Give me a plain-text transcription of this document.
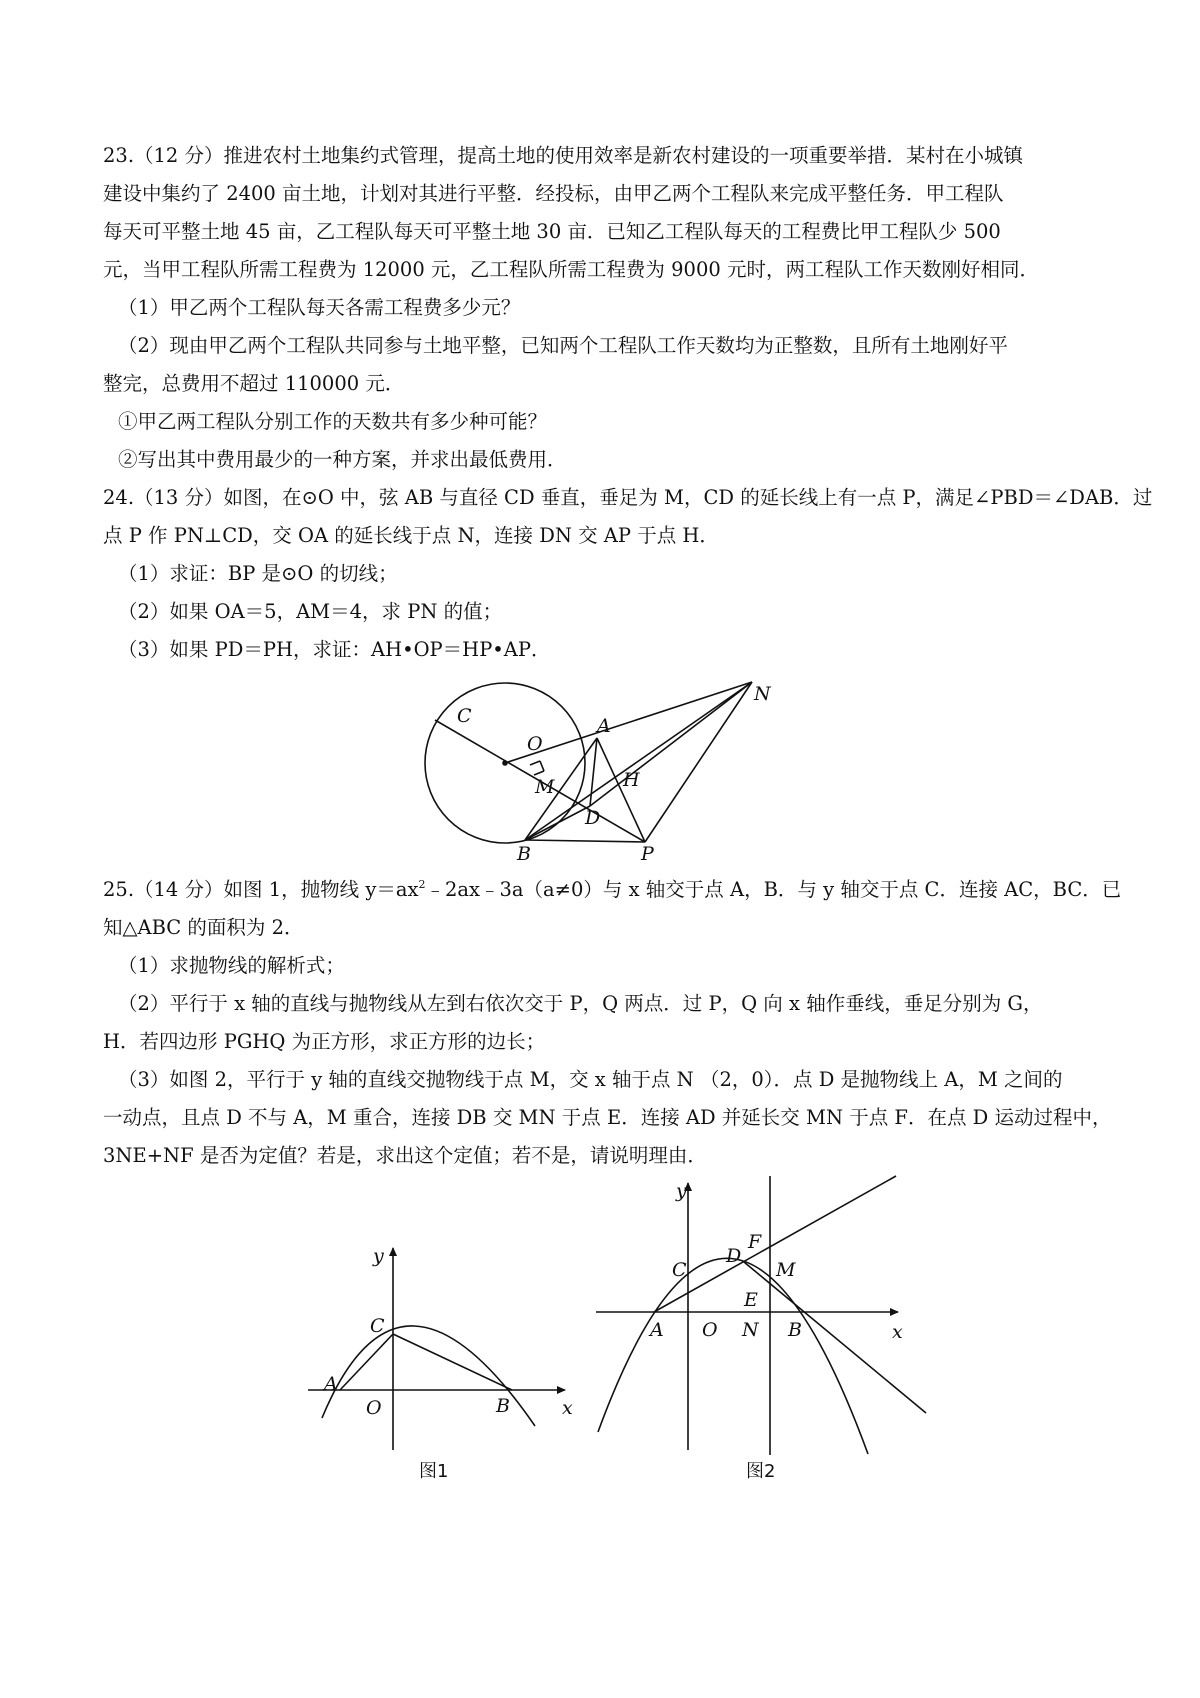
23.（12 分）推进农村土地集约式管理，提高土地的使用效率是新农村建设的一项重要举措．某村在小城镇
建设中集约了 2400 亩土地，计划对其进行平整．经投标，由甲乙两个工程队来完成平整任务．甲工程队
每天可平整土地 45 亩，乙工程队每天可平整土地 30 亩．已知乙工程队每天的工程费比甲工程队少 500
元，当甲工程队所需工程费为 12000 元，乙工程队所需工程费为 9000 元时，两工程队工作天数刚好相同．
（1）甲乙两个工程队每天各需工程费多少元？
（2）现由甲乙两个工程队共同参与土地平整，已知两个工程队工作天数均为正整数，且所有土地刚好平
整完，总费用不超过 110000 元．
①甲乙两工程队分别工作的天数共有多少种可能？
②写出其中费用最少的一种方案，并求出最低费用．
24.（13 分）如图，在⊙O 中，弦 AB 与直径 CD 垂直，垂足为 M，CD 的延长线上有一点 P，满足∠PBD＝∠DAB．过
点 P 作 PN⊥CD，交 OA 的延长线于点 N，连接 DN 交 AP 于点 H．
（1）求证：BP 是⊙O 的切线；
（2）如果 OA＝5，AM＝4，求 PN 的值；
（3）如果 PD＝PH，求证：AH•OP＝HP•AP．
N
C	A
O
M	H
D
B	P
25.（14 分）如图 1，抛物线 $y=ax^2﹣2ax﹣3a(a\ne 0)$与 x 轴交于点 A，B．与 y 轴交于点 C．连接 AC，BC．已
知△ABC 的面积为 2．
（1）求抛物线的解析式；
（2）平行于 x 轴的直线与抛物线从左到右依次交于 P，Q 两点．过 P，Q 向 x 轴作垂线，垂足分别为 G，
H．若四边形 PGHQ 为正方形，求正方形的边长；
（3）如图 2，平行于 y 轴的直线交抛物线于点 M，交 x 轴于点 N （2，0）．点 D 是抛物线上 A，M 之间的
一动点，且点 D 不与 A，M 重合，连接 DB 交 MN 于点 E．连接 AD 并延长交 MN 于点 F．在点 D 运动过程中，
3NE+NF 是否为定值？若是，求出这个定值；若不是，请说明理由．
y
C
A
O	B	x
图1
y
F
C
D
M
E
A O N B	x
图2
